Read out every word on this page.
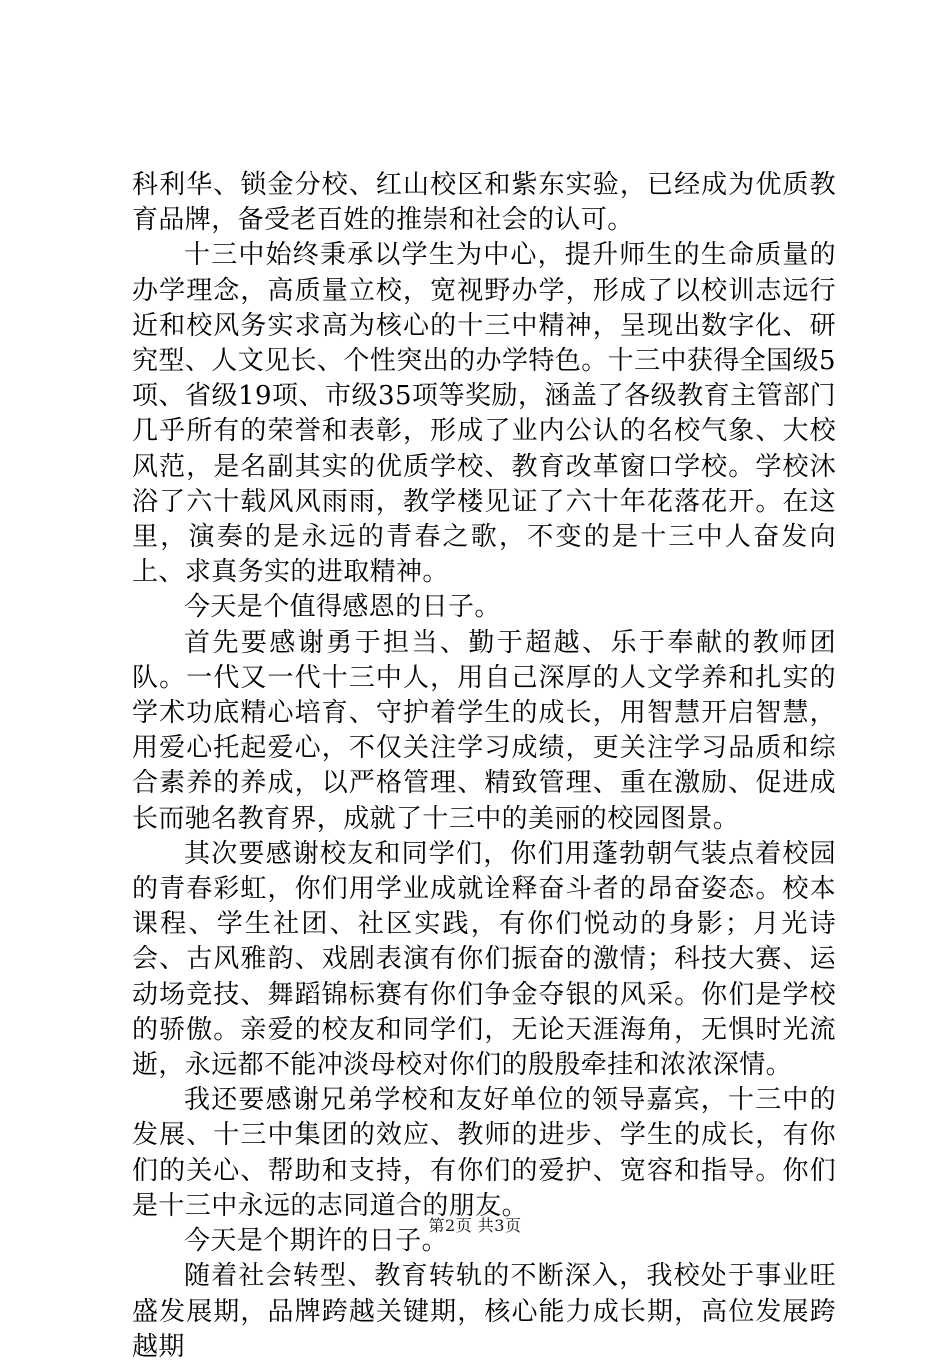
科利华、锁金分校、红山校区和紫东实验，已经成为优质教育品牌，备受老百姓的推崇和社会的认可。

十三中始终秉承以学生为中心，提升师生的生命质量的办学理念，高质量立校，宽视野办学，形成了以校训志远行近和校风务实求高为核心的十三中精神，呈现出数字化、研究型、人文见长、个性突出的办学特色。十三中获得全国级5项、省级19项、市级35项等奖励，涵盖了各级教育主管部门几乎所有的荣誉和表彰，形成了业内公认的名校气象、大校风范，是名副其实的优质学校、教育改革窗口学校。学校沐浴了六十载风风雨雨，教学楼见证了六十年花落花开。在这里，演奏的是永远的青春之歌，不变的是十三中人奋发向上、求真务实的进取精神。

今天是个值得感恩的日子。

首先要感谢勇于担当、勤于超越、乐于奉献的教师团队。一代又一代十三中人，用自己深厚的人文学养和扎实的学术功底精心培育、守护着学生的成长，用智慧开启智慧，用爱心托起爱心，不仅关注学习成绩，更关注学习品质和综合素养的养成，以严格管理、精致管理、重在激励、促进成长而驰名教育界，成就了十三中的美丽的校园图景。

其次要感谢校友和同学们，你们用蓬勃朝气装点着校园的青春彩虹，你们用学业成就诠释奋斗者的昂奋姿态。校本课程、学生社团、社区实践，有你们悦动的身影；月光诗会、古风雅韵、戏剧表演有你们振奋的激情；科技大赛、运动场竞技、舞蹈锦标赛有你们争金夺银的风采。你们是学校的骄傲。亲爱的校友和同学们，无论天涯海角，无惧时光流逝，永远都不能冲淡母校对你们的殷殷牵挂和浓浓深情。

我还要感谢兄弟学校和友好单位的领导嘉宾，十三中的发展、十三中集团的效应、教师的进步、学生的成长，有你们的关心、帮助和支持，有你们的爱护、宽容和指导。你们是十三中永远的志同道合的朋友。

今天是个期许的日子。

随着社会转型、教育转轨的不断深入，我校处于事业旺盛发展期，品牌跨越关键期，核心能力成长期，高位发展跨越期

第2页 共3页
